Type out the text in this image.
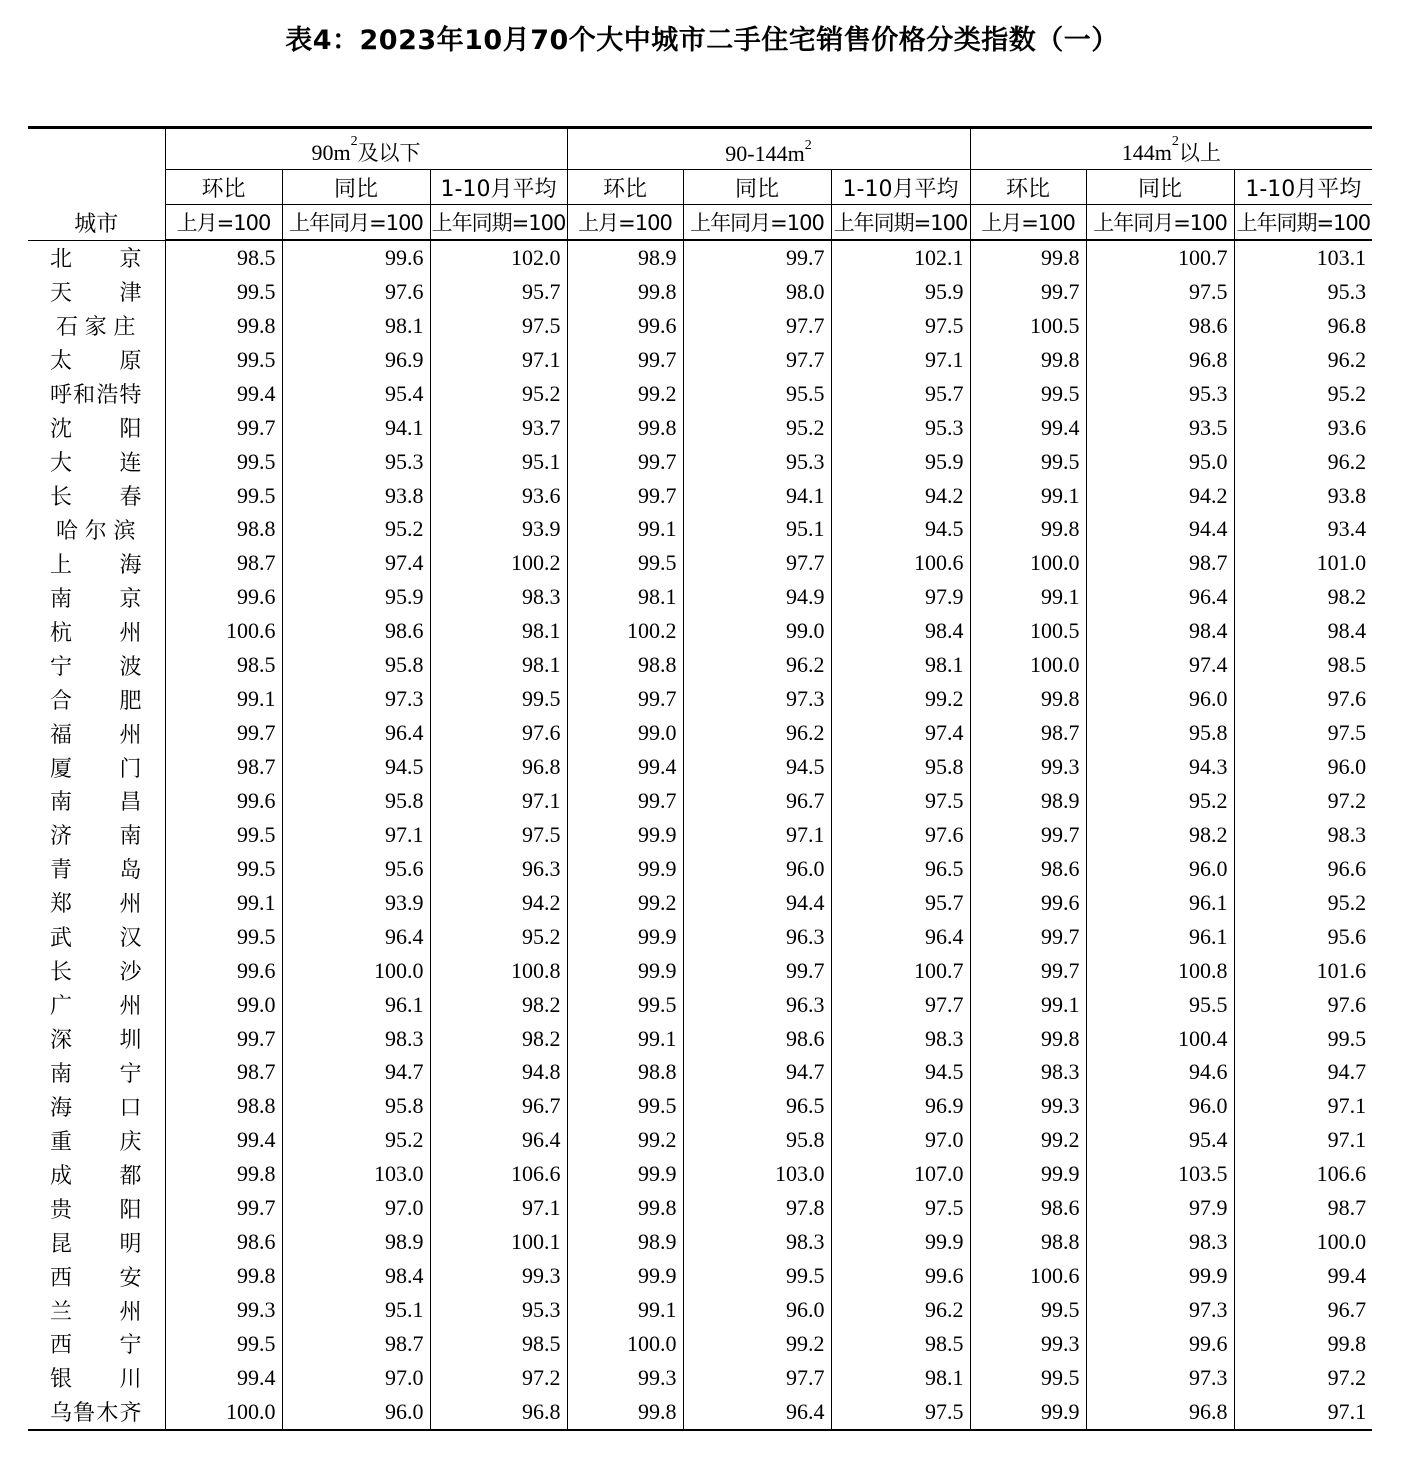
表4：2023年10月70个大中城市二手住宅销售价格分类指数（一）
城市	$90m^2$及以下			$90-144m^2$			$144m^2$以上		
	环比	同比	1-10月平均	环比	同比	1-10月平均	环比	同比	1-10月平均
	上月=100	上年同月=100	上年同期=100	上月=100	上年同月=100	上年同期=100	上月=100	上年同月=100	上年同期=100
北京	98.5	99.6	102.0	98.9	99.7	102.1	99.8	100.7	103.1
天津	99.5	97.6	95.7	99.8	98.0	95.9	99.7	97.5	95.3
石家庄	99.8	98.1	97.5	99.6	97.7	97.5	100.5	98.6	96.8
太原	99.5	96.9	97.1	99.7	97.7	97.1	99.8	96.8	96.2
呼和浩特	99.4	95.4	95.2	99.2	95.5	95.7	99.5	95.3	95.2
沈阳	99.7	94.1	93.7	99.8	95.2	95.3	99.4	93.5	93.6
大连	99.5	95.3	95.1	99.7	95.3	95.9	99.5	95.0	96.2
长春	99.5	93.8	93.6	99.7	94.1	94.2	99.1	94.2	93.8
哈尔滨	98.8	95.2	93.9	99.1	95.1	94.5	99.8	94.4	93.4
上海	98.7	97.4	100.2	99.5	97.7	100.6	100.0	98.7	101.0
南京	99.6	95.9	98.3	98.1	94.9	97.9	99.1	96.4	98.2
杭州	100.6	98.6	98.1	100.2	99.0	98.4	100.5	98.4	98.4
宁波	98.5	95.8	98.1	98.8	96.2	98.1	100.0	97.4	98.5
合肥	99.1	97.3	99.5	99.7	97.3	99.2	99.8	96.0	97.6
福州	99.7	96.4	97.6	99.0	96.2	97.4	98.7	95.8	97.5
厦门	98.7	94.5	96.8	99.4	94.5	95.8	99.3	94.3	96.0
南昌	99.6	95.8	97.1	99.7	96.7	97.5	98.9	95.2	97.2
济南	99.5	97.1	97.5	99.9	97.1	97.6	99.7	98.2	98.3
青岛	99.5	95.6	96.3	99.9	96.0	96.5	98.6	96.0	96.6
郑州	99.1	93.9	94.2	99.2	94.4	95.7	99.6	96.1	95.2
武汉	99.5	96.4	95.2	99.9	96.3	96.4	99.7	96.1	95.6
长沙	99.6	100.0	100.8	99.9	99.7	100.7	99.7	100.8	101.6
广州	99.0	96.1	98.2	99.5	96.3	97.7	99.1	95.5	97.6
深圳	99.7	98.3	98.2	99.1	98.6	98.3	99.8	100.4	99.5
南宁	98.7	94.7	94.8	98.8	94.7	94.5	98.3	94.6	94.7
海口	98.8	95.8	96.7	99.5	96.5	96.9	99.3	96.0	97.1
重庆	99.4	95.2	96.4	99.2	95.8	97.0	99.2	95.4	97.1
成都	99.8	103.0	106.6	99.9	103.0	107.0	99.9	103.5	106.6
贵阳	99.7	97.0	97.1	99.8	97.8	97.5	98.6	97.9	98.7
昆明	98.6	98.9	100.1	98.9	98.3	99.9	98.8	98.3	100.0
西安	99.8	98.4	99.3	99.9	99.5	99.6	100.6	99.9	99.4
兰州	99.3	95.1	95.3	99.1	96.0	96.2	99.5	97.3	96.7
西宁	99.5	98.7	98.5	100.0	99.2	98.5	99.3	99.6	99.8
银川	99.4	97.0	97.2	99.3	97.7	98.1	99.5	97.3	97.2
乌鲁木齐	100.0	96.0	96.8	99.8	96.4	97.5	99.9	96.8	97.1
